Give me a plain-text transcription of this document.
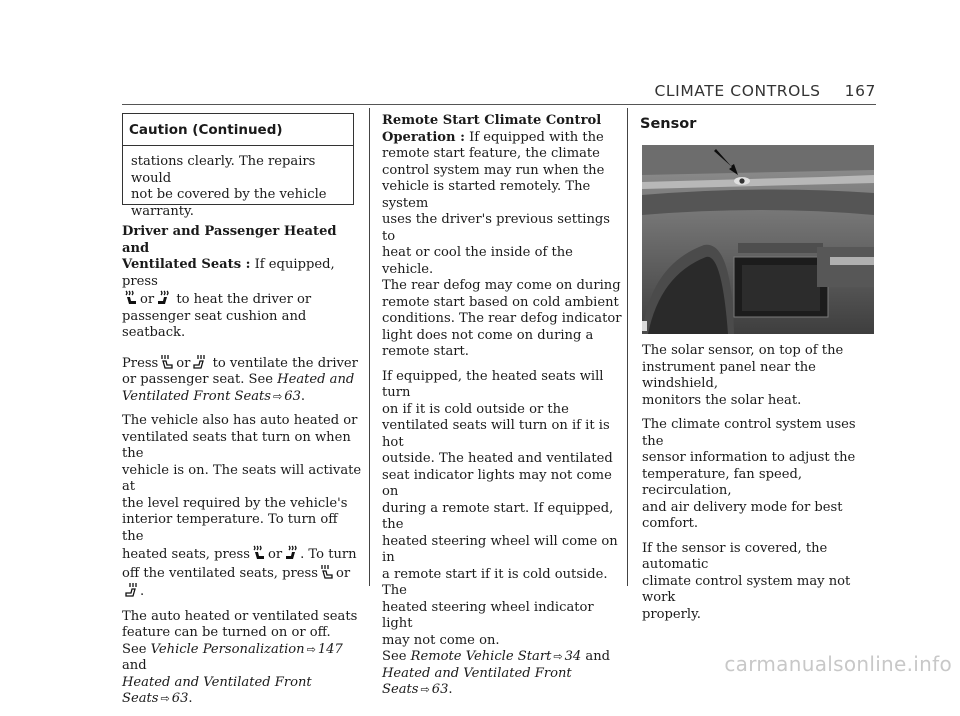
CLIMATE CONTROLS 167
Caution (Continued)
stations clearly. The repairs would
not be covered by the vehicle
warranty.

Driver and Passenger Heated and
Ventilated Seats : If equipped, press

or
to heat the driver or
passenger seat cushion and seatback.

Press or
to ventilate the driver
or passenger seat. See Heated and
Ventilated Front Seats ⇨ 63.

The vehicle also has auto heated or
ventilated seats that turn on when the
vehicle is on. The seats will activate at
the level required by the vehicle's
interior temperature. To turn off the
heated seats, press or . To turn
off the ventilated seats, press or
.

The auto heated or ventilated seats
feature can be turned on or off.
See Vehicle Personalization ⇨ 147 and
Heated and Ventilated Front Seats ⇨ 63.

Remote Start Climate Control
Operation : If equipped with the
remote start feature, the climate
control system may run when the
vehicle is started remotely. The system
uses the driver's previous settings to
heat or cool the inside of the vehicle.
The rear defog may come on during
remote start based on cold ambient
conditions. The rear defog indicator
light does not come on during a
remote start.

If equipped, the heated seats will turn
on if it is cold outside or the
ventilated seats will turn on if it is hot
outside. The heated and ventilated
seat indicator lights may not come on
during a remote start. If equipped, the
heated steering wheel will come on in
a remote start if it is cold outside. The
heated steering wheel indicator light
may not come on.
See Remote Vehicle Start ⇨ 34 and
Heated and Ventilated Front Seats ⇨ 63.

Sensor

The solar sensor, on top of the
instrument panel near the windshield,
monitors the solar heat.

The climate control system uses the
sensor information to adjust the
temperature, fan speed, recirculation,
and air delivery mode for best
comfort.

If the sensor is covered, the automatic
climate control system may not work
properly.

carmanualsonline.info
